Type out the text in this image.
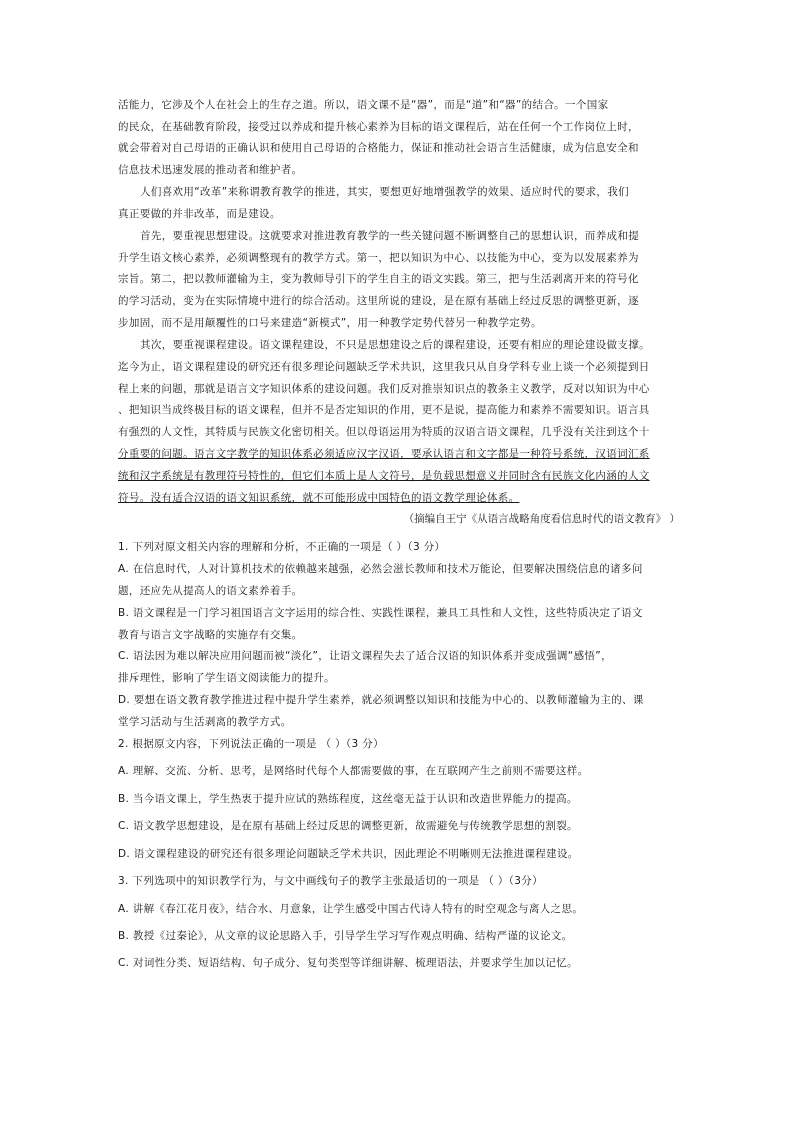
活能力，它涉及个人在社会上的生存之道。所以，语文课不是“器”，而是“道”和“器”的结合。一个国家
的民众，在基础教育阶段，接受过以养成和提升核心素养为目标的语文课程后，站在任何一个工作岗位上时，
就会带着对自己母语的正确认识和使用自己母语的合格能力，保证和推动社会语言生活健康，成为信息安全和
信息技术迅速发展的推动者和维护者。
人们喜欢用“改革”来称谓教育教学的推进，其实，要想更好地增强教学的效果、适应时代的要求，我们
真正要做的并非改革，而是建设。
首先，要重视思想建设。这就要求对推进教育教学的一些关键问题不断调整自己的思想认识，而养成和提
升学生语文核心素养，必须调整现有的教学方式。第一，把以知识为中心、以技能为中心，变为以发展素养为
宗旨。第二，把以教师灌输为主，变为教师导引下的学生自主的语文实践。第三，把与生活剥离开来的符号化
的学习活动，变为在实际情境中进行的综合活动。这里所说的建设，是在原有基础上经过反思的调整更新，逐
步加固，而不是用颠覆性的口号来建造“新模式”，用一种教学定势代替另一种教学定势。
其次，要重视课程建设。语文课程建设，不只是思想建设之后的课程建设，还要有相应的理论建设做支撑。
迄今为止，语文课程建设的研究还有很多理论问题缺乏学术共识，这里我只从自身学科专业上谈一个必须提到日
程上来的问题，那就是语言文字知识体系的建设问题。我们反对推崇知识点的教条主义教学，反对以知识为中心
、把知识当成终极目标的语文课程，但并不是否定知识的作用，更不是说，提高能力和素养不需要知识。语言具
有强烈的人文性，其特质与民族文化密切相关。但以母语运用为特质的汉语言语文课程，几乎没有关注到这个十
分重要的问题。语言文字教学的知识体系必须适应汉字汉语，要承认语言和文字都是一种符号系统，汉语词汇系
统和汉字系统是有教理符号特性的，但它们本质上是人文符号，是负载思想意义并同时含有民族文化内涵的人文
符号。没有适合汉语的语文知识系统，就不可能形成中国特色的语文教学理论体系。
（摘编自王宁《从语言战略角度看信息时代的语文教育》 ）
1. 下列对原文相关内容的理解和分析，不正确的一项是（ ）（3 分）
A. 在信息时代，人对计算机技术的依赖越来越强，必然会滋长教师和技术万能论，但要解决围绕信息的诸多问
题，还应先从提高人的语文素养着手。
B. 语文课程是一门学习祖国语言文字运用的综合性、实践性课程，兼具工具性和人文性，这些特质决定了语文
教育与语言文字战略的实施存有交集。
C. 语法因为难以解决应用问题而被“淡化”，让语文课程失去了适合汉语的知识体系并变成强调“感悟”，
排斥理性，影响了学生语文阅读能力的提升。
D. 要想在语文教育教学推进过程中提升学生素养，就必须调整以知识和技能为中心的、以教师灌输为主的、课
堂学习活动与生活剥离的教学方式。
2. 根据原文内容，下列说法正确的一项是 （ ）（3 分）
A. 理解、交流、分析、思考，是网络时代每个人都需要做的事，在互联网产生之前则不需要这样。
B. 当今语文课上，学生热衷于提升应试的熟练程度，这丝毫无益于认识和改造世界能力的提高。
C. 语文教学思想建设，是在原有基础上经过反思的调整更新，故需避免与传统教学思想的割裂。
D. 语文课程建设的研究还有很多理论问题缺乏学术共识，因此理论不明晰则无法推进课程建设。
3. 下列选项中的知识教学行为，与文中画线句子的教学主张最适切的一项是 （ ）（3分）
A. 讲解《春江花月夜》，结合水、月意象，让学生感受中国古代诗人特有的时空观念与离人之思。
B. 教授《过秦论》，从文章的议论思路入手，引导学生学习写作观点明确、结构严谨的议论文。
C. 对词性分类、短语结构、句子成分、复句类型等详细讲解、梳理语法，并要求学生加以记忆。
